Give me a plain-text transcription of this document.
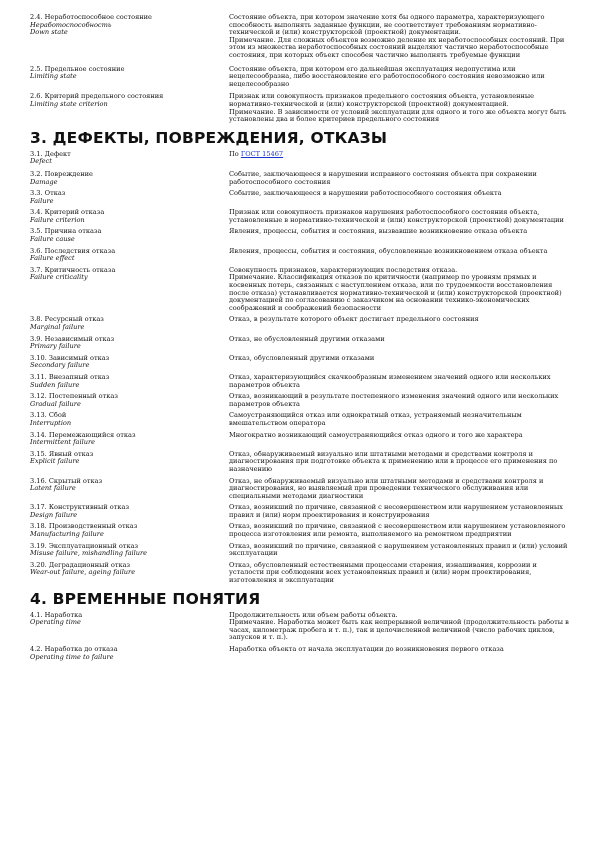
2.4. Неработоспособное состояние
Неработоспособность
Down state

Состояние объекта, при котором значение хотя бы одного параметра, характеризующего способность выполнять заданные функции, не соответствует требованиям нормативно-технической и (или) конструкторской (проектной) документации.

Примечание. Для сложных объектов возможно деление их неработоспособных состояний. При этом из множества неработоспособных состояний выделяют частично неработоспособные состояния, при которых объект способен частично выполнять требуемые функции

2.5. Предельное состояние
Limiting state

Состояние объекта, при котором его дальнейшая эксплуатация недопустима или нецелесообразна, либо восстановление его работоспособного состояния невозможно или нецелесообразно

2.6. Критерий предельного состояния
Limiting state criterion

Признак или совокупность признаков предельного состояния объекта, установленные нормативно-технической и (или) конструкторской (проектной) документацией.

Примечание. В зависимости от условий эксплуатации для одного и того же объекта могут быть установлены два и более критериев предельного состояния

3. ДЕФЕКТЫ, ПОВРЕЖДЕНИЯ, ОТКАЗЫ
3.1. Дефект
Defect
По ГОСТ 15467
3.2. Повреждение
Damage

Событие, заключающееся в нарушении исправного состояния объекта при сохранении работоспособного состояния

3.3. Отказ
Failure

Событие, заключающееся в нарушении работоспособного состояния объекта

3.4. Критерий отказа
Failure criterion

Признак или совокупность признаков нарушения работоспособного состояния объекта, установленные в нормативно-технической и (или) конструкторской (проектной) документации

3.5. Причина отказа
Failure cause

Явления, процессы, события и состояния, вызвавшие возникновение отказа объекта

3.6. Последствия отказа
Failure effect

Явления, процессы, события и состояния, обусловленные возникновением отказа объекта

3.7. Критичность отказа
Failure criticality

Совокупность признаков, характеризующих последствия отказа.

Примечание. Классификация отказов по критичности (например по уровням прямых и косвенных потерь, связанных с наступлением отказа, или по трудоемкости восстановления после отказа) устанавливается нормативно-технической и (или) конструкторской (проектной) документацией по согласованию с заказчиком на основании технико-экономических соображений и соображений безопасности

3.8. Ресурсный отказ
Marginal failure

Отказ, в результате которого объект достигает предельного состояния

3.9. Независимый отказ
Primary failure

Отказ, не обусловленный другими отказами

3.10. Зависимый отказ
Secondary failure

Отказ, обусловленный другими отказами

3.11. Внезапный отказ
Sudden failure

Отказ, характеризующийся скачкообразным изменением значений одного или нескольких параметров объекта

3.12. Постепенный отказ
Gradual failure

Отказ, возникающий в результате постепенного изменения значений одного или нескольких параметров объекта

3.13. Сбой
Interruption

Самоустраняющийся отказ или однократный отказ, устраняемый незначительным вмешательством оператора

3.14. Перемежающийся отказ
Intermittent failure

Многократно возникающий самоустраняющийся отказ одного и того же характера

3.15. Явный отказ
Explicit failure

Отказ, обнаруживаемый визуально или штатными методами и средствами контроля и диагностирования при подготовке объекта к применению или в процессе его применения по назначению

3.16. Скрытый отказ
Latent failure

Отказ, не обнаруживаемый визуально или штатными методами и средствами контроля и диагностирования, но выявляемый при проведении технического обслуживания или специальными методами диагностики

3.17. Конструктивный отказ
Design failure

Отказ, возникший по причине, связанной с несовершенством или нарушением установленных правил и (или) норм проектирования и конструирования

3.18. Производственный отказ
Manufacturing failure

Отказ, возникший по причине, связанной с несовершенством или нарушением установленного процесса изготовления или ремонта, выполняемого на ремонтном предприятии

3.19. Эксплуатационный отказ
Misuse failure, mishandling failure

Отказ, возникший по причине, связанной с нарушением установленных правил и (или) условий эксплуатации

3.20. Деградационный отказ
Wear-out failure, ageing failure

Отказ, обусловленный естественными процессами старения, изнашивания, коррозии и усталости при соблюдении всех установленных правил и (или) норм проектирования, изготовления и эксплуатации

4. ВРЕМЕННЫЕ ПОНЯТИЯ
4.1. Наработка
Operating time

Продолжительность или объем работы объекта.

Примечание. Наработка может быть как непрерывной величиной (продолжительность работы в часах, километраж пробега и т. п.), так и целочисленной величиной (число рабочих циклов, запусков и т. п.).

4.2. Наработка до отказа
Operating time to failure

Наработка объекта от начала эксплуатации до возникновения первого отказа
